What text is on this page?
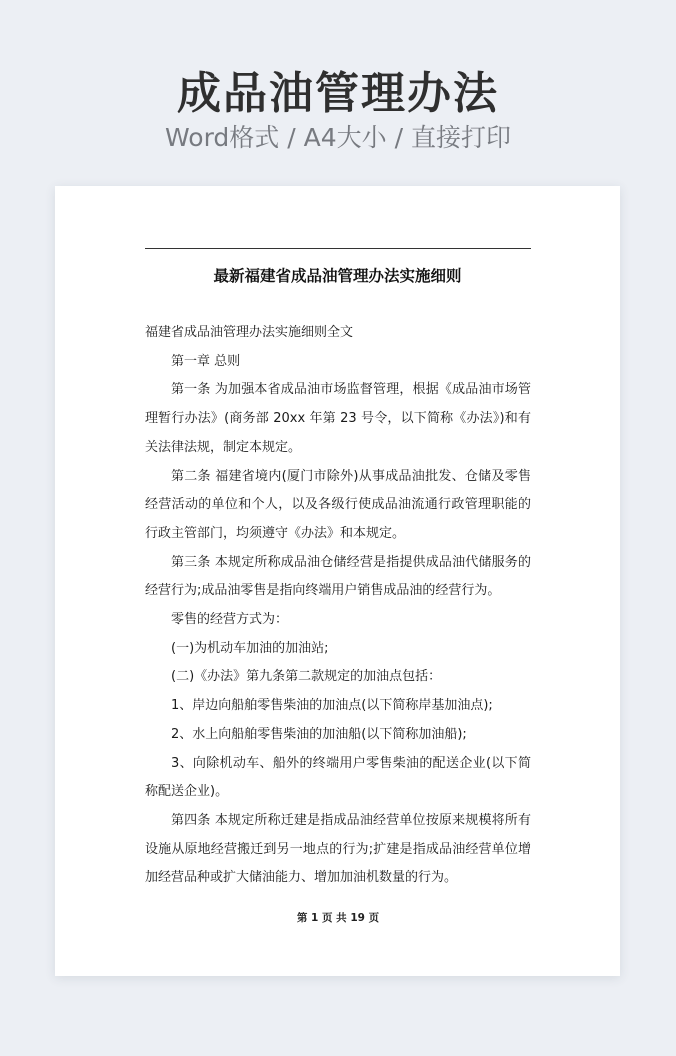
成品油管理办法
Word格式 / A4大小 / 直接打印
最新福建省成品油管理办法实施细则

福建省成品油管理办法实施细则全文

第一章 总则

第一条 为加强本省成品油市场监督管理，根据《成品油市场管理暂行办法》(商务部 20xx 年第 23 号令，以下简称《办法》)和有关法律法规，制定本规定。

第二条 福建省境内(厦门市除外)从事成品油批发、仓储及零售经营活动的单位和个人，以及各级行使成品油流通行政管理职能的行政主管部门，均须遵守《办法》和本规定。

第三条 本规定所称成品油仓储经营是指提供成品油代储服务的经营行为;成品油零售是指向终端用户销售成品油的经营行为。

零售的经营方式为：

(一)为机动车加油的加油站;

(二)《办法》第九条第二款规定的加油点包括：

1、岸边向船舶零售柴油的加油点(以下简称岸基加油点);

2、水上向船舶零售柴油的加油船(以下简称加油船);

3、向除机动车、船外的终端用户零售柴油的配送企业(以下简称配送企业)。

第四条 本规定所称迁建是指成品油经营单位按原来规模将所有设施从原地经营搬迁到另一地点的行为;扩建是指成品油经营单位增加经营品种或扩大储油能力、增加加油机数量的行为。

第 1 页 共 19 页
